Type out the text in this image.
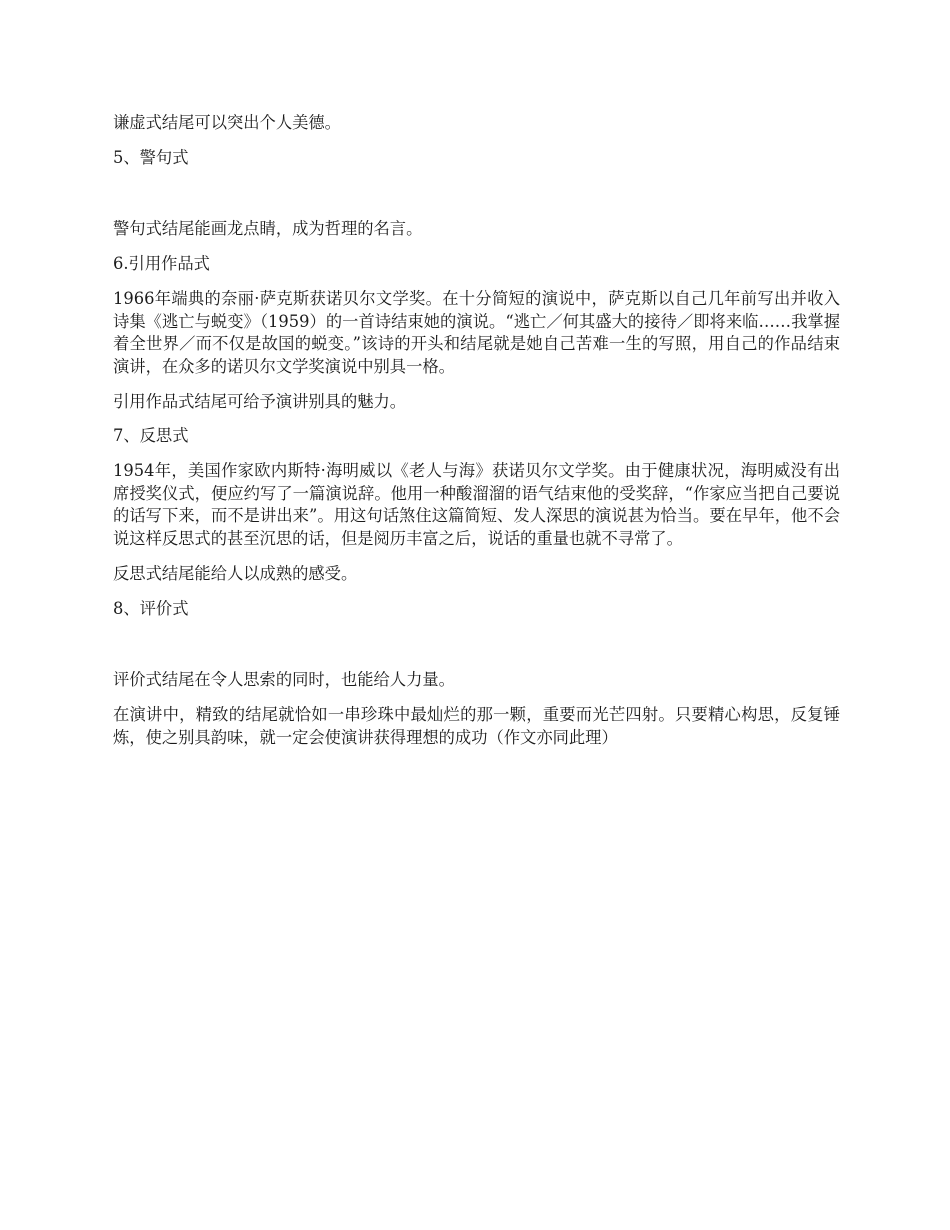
谦虚式结尾可以突出个人美德。

5、警句式

警句式结尾能画龙点睛，成为哲理的名言。

6.引用作品式

1966年端典的奈丽·萨克斯获诺贝尔文学奖。在十分简短的演说中，萨克斯以自己几年前写出并收入诗集《逃亡与蜕变》（1959）的一首诗结束她的演说。“逃亡／何其盛大的接待／即将来临……我掌握着全世界／而不仅是故国的蜕变。”该诗的开头和结尾就是她自己苦难一生的写照，用自己的作品结束演讲，在众多的诺贝尔文学奖演说中别具一格。

引用作品式结尾可给予演讲别具的魅力。

7、反思式

1954年，美国作家欧内斯特·海明威以《老人与海》获诺贝尔文学奖。由于健康状况，海明威没有出席授奖仪式，便应约写了一篇演说辞。他用一种酸溜溜的语气结束他的受奖辞，“作家应当把自己要说的话写下来，而不是讲出来”。用这句话煞住这篇简短、发人深思的演说甚为恰当。要在早年，他不会说这样反思式的甚至沉思的话，但是阅历丰富之后，说话的重量也就不寻常了。

反思式结尾能给人以成熟的感受。

8、评价式

评价式结尾在令人思索的同时，也能给人力量。

在演讲中，精致的结尾就恰如一串珍珠中最灿烂的那一颗，重要而光芒四射。只要精心构思，反复锤炼，使之别具韵味，就一定会使演讲获得理想的成功（作文亦同此理）
